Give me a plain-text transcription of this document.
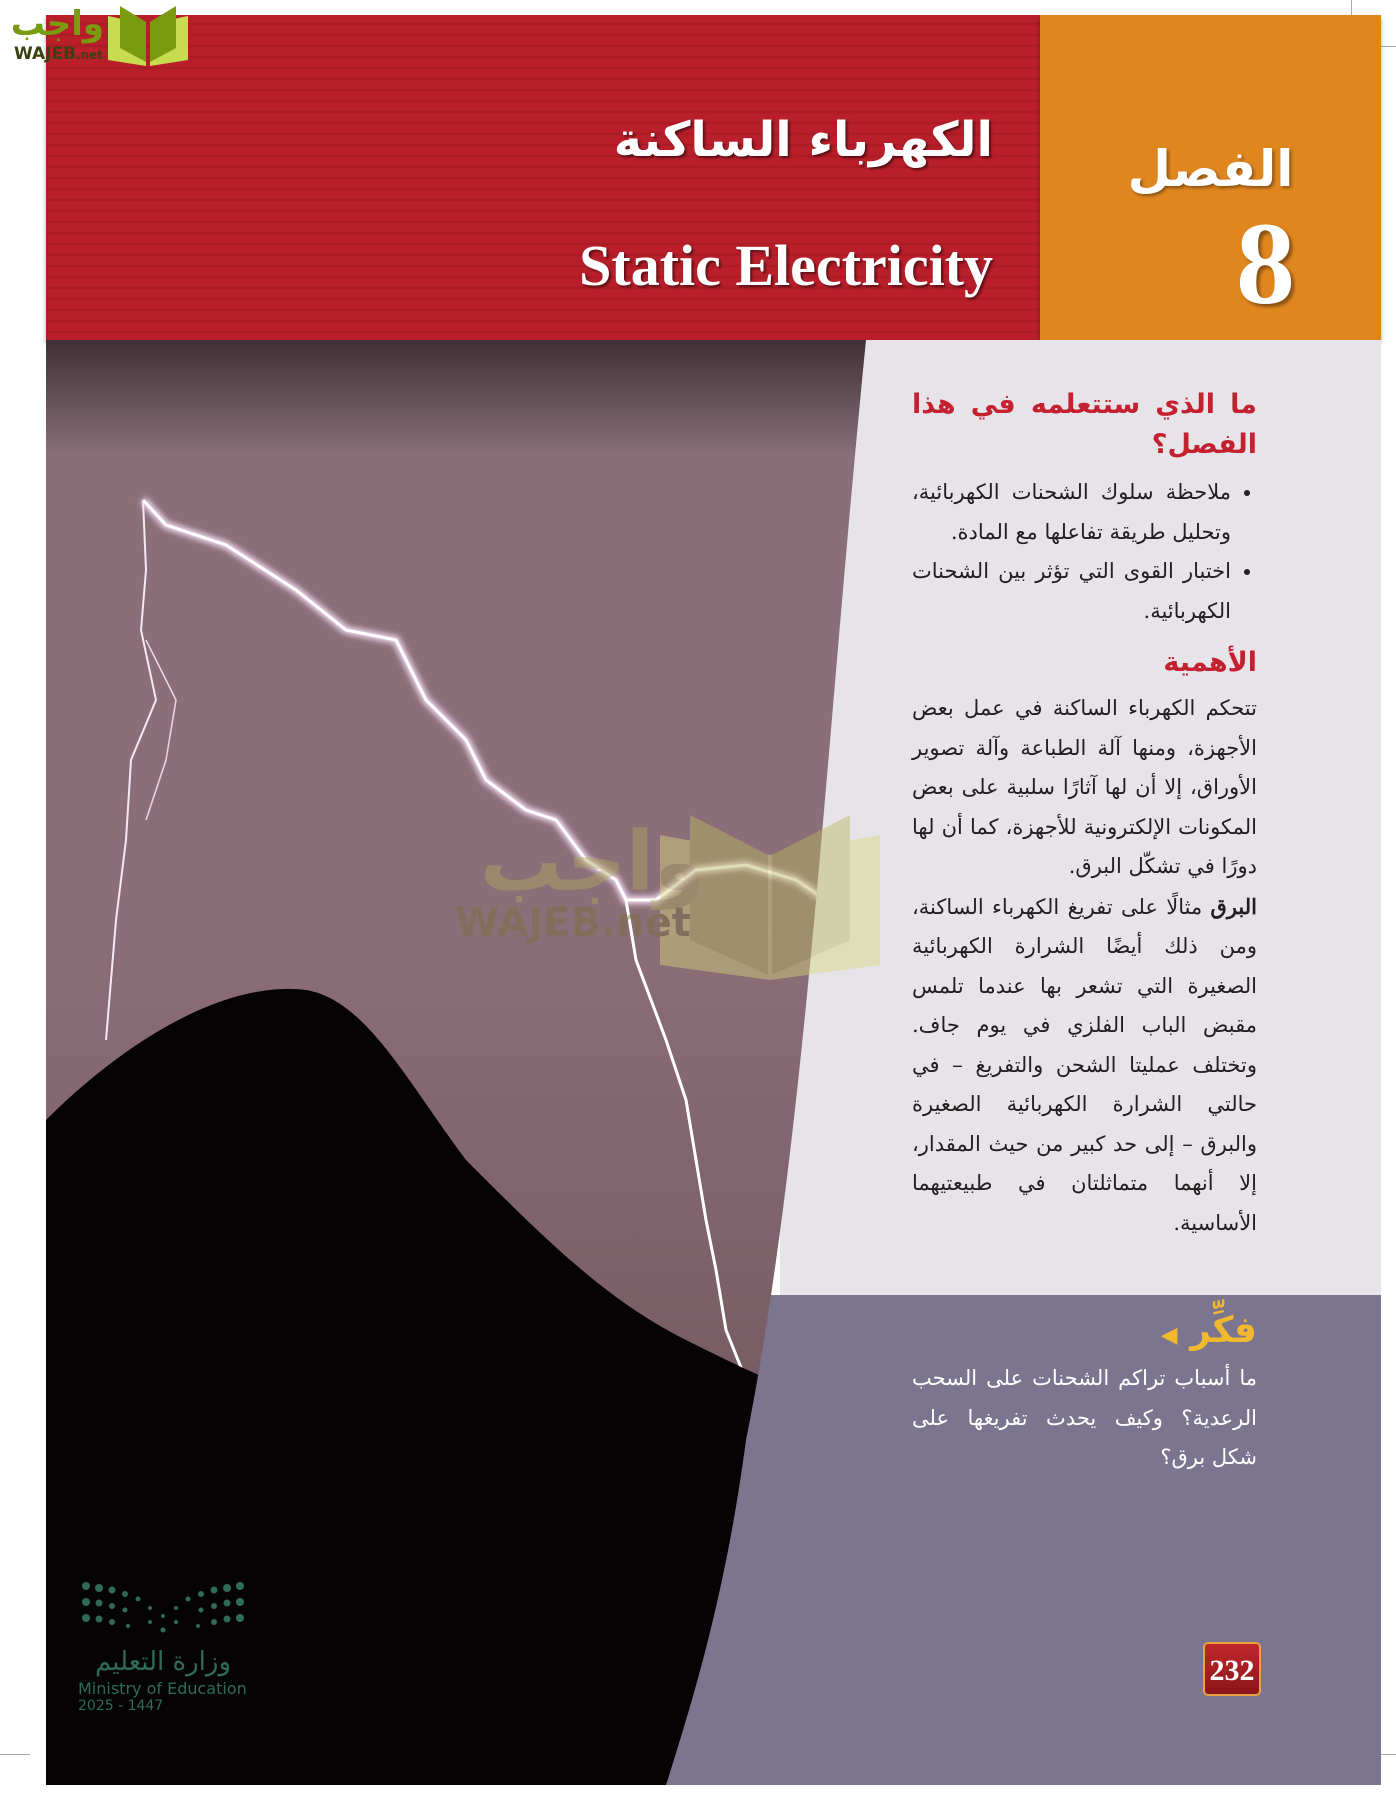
الكهرباء الساكنة
Static Electricity
الفصل
8
واجب
WAJEB.net
ما الذي ستتعلمه في هذا الفصل؟
• ملاحظة سلوك الشحنات الكهربائية، وتحليل طريقة تفاعلها مع المادة.
• اختبار القوى التي تؤثر بين الشحنات الكهربائية.
الأهمية
تتحكم الكهرباء الساكنة في عمل بعض الأجهزة، ومنها آلة الطباعة وآلة تصوير الأوراق، إلا أن لها آثارًا سلبية على بعض المكونات الإلكترونية للأجهزة، كما أن لها دورًا في تشكّل البرق.
البرق مثالًا على تفريغ الكهرباء الساكنة، ومن ذلك أيضًا الشرارة الكهربائية الصغيرة التي تشعر بها عندما تلمس مقبض الباب الفلزي في يوم جاف. وتختلف عمليتا الشحن والتفريغ – في حالتي الشرارة الكهربائية الصغيرة والبرق – إلى حد كبير من حيث المقدار، إلا أنهما متماثلتان في طبيعتيهما الأساسية.
فكِّر ◀
ما أسباب تراكم الشحنات على السحب الرعدية؟ وكيف يحدث تفريغها على شكل برق؟
232
واجب
WAJEB.net
وزارة التعليم
Ministry of Education
2025 - 1447
